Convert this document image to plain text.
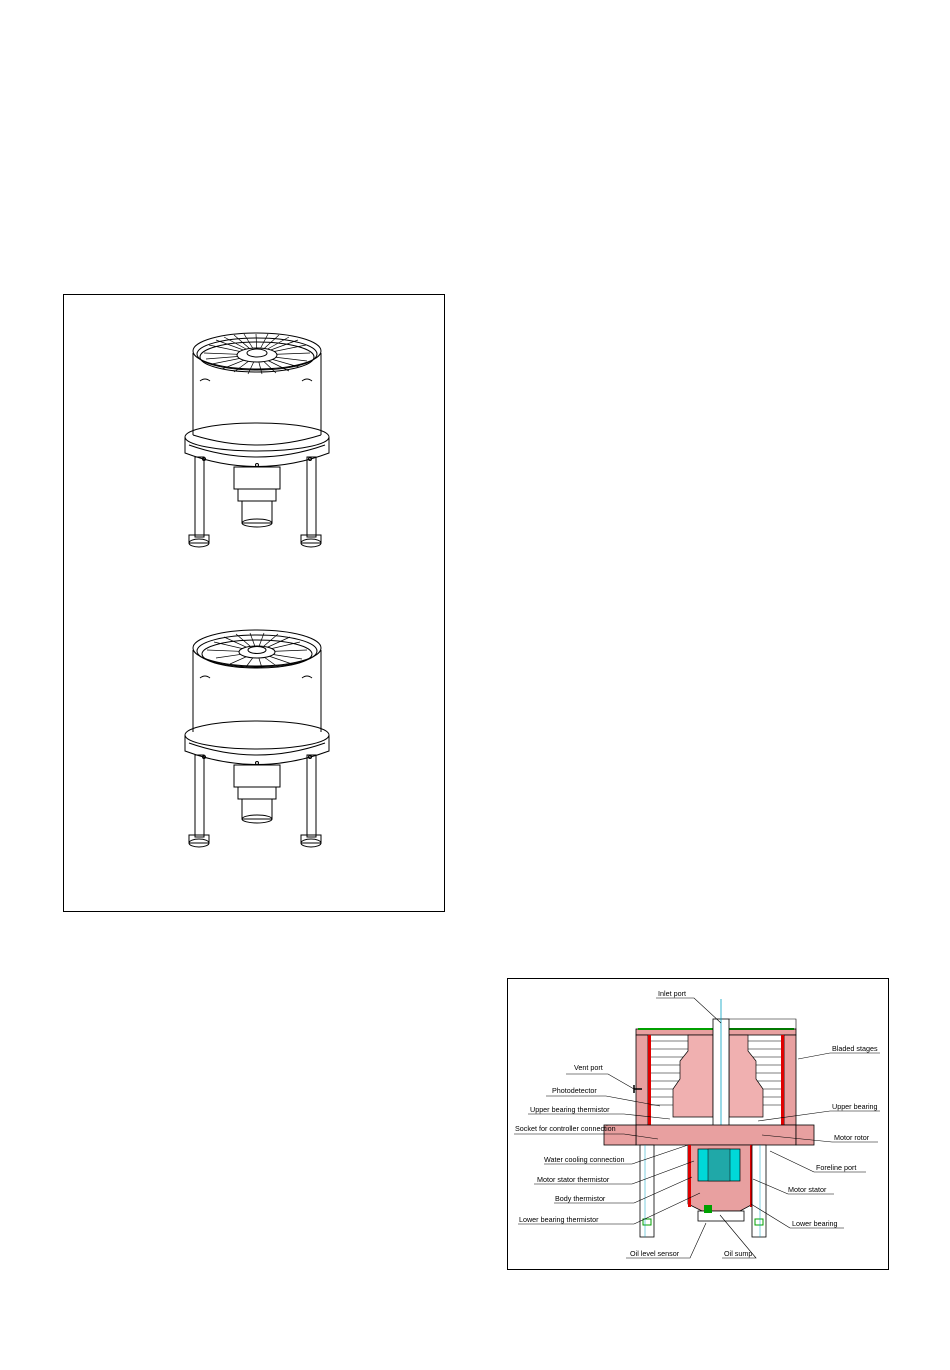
Inlet port
Vent port
Photodetector
Upper bearing thermistor
Socket for controller connection
Water cooling connection
Motor stator thermistor
Body thermistor
Lower bearing thermistor
Oil level sensor	Oil sump
Bladed stages
Upper bearing
Motor rotor
Foreline port
Motor stator
Lower bearing
